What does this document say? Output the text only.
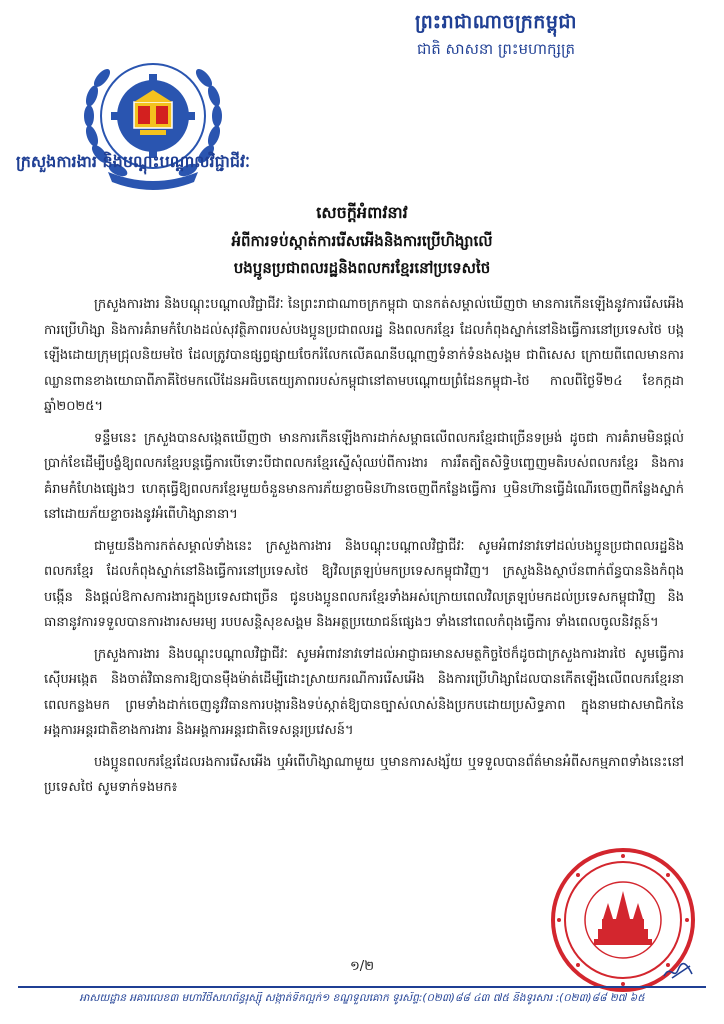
ព្រះរាជាណាចក្រកម្ពុជា
ជាតិ សាសនា ព្រះមហាក្សត្រ
ក្រសួងការងារ និងបណ្តុះបណ្តាលវិជ្ជាជីវៈ
សេចក្ដីអំពាវនាវ
អំពីការទប់ស្កាត់ការរើសអើងនិងការប្រើហិង្សាលើ
បងប្អូនប្រជាពលរដ្ឋនិងពលករខ្មែរនៅប្រទេសថៃ

ក្រសួងការងារ និងបណ្តុះបណ្តាលវិជ្ជាជីវៈ នៃព្រះរាជាណាចក្រកម្ពុជា បានកត់សម្គាល់ឃើញថា មានការកើនឡើងនូវការរើសអើង ការប្រើហិង្សា និងការគំរាមកំហែងដល់សុវត្ថិភាពរបស់បងប្អូនប្រជាពលរដ្ឋ និងពលករខ្មែរ ដែលកំពុងស្នាក់នៅនិងធ្វើការនៅប្រទេសថៃ បង្កឡើងដោយក្រុមជ្រុលនិយមថៃ ដែលត្រូវបានផ្សព្វផ្សាយចែករំលែកលើគណនីបណ្ដាញទំនាក់ទំនងសង្គម ជាពិសេស ក្រោយពីពេលមានការឈ្លានពានខាងយោធាពីភាគីថៃមកលើដែនអធិបតេយ្យភាពរបស់កម្ពុជានៅតាមបណ្ដោយព្រំដែនកម្ពុជា-ថៃ កាលពីថ្ងៃទី២៤ ខែកក្កដា ឆ្នាំ២០២៥។

ទន្ទឹមនេះ ក្រសួងបានសង្កេតឃើញថា មានការកើនឡើងការដាក់សម្ពាធលើពលករខ្មែរជាច្រើនទម្រង់ ដូចជា ការគំរាមមិនផ្តល់ប្រាក់ខែដើម្បីបង្ខំឱ្យពលករខ្មែរបន្តធ្វើការបើទោះបីជាពលករខ្មែរស្នើសុំឈប់ពីការងារ ការរឹតត្បិតសិទ្ធិបញ្ចេញមតិរបស់ពលករខ្មែរ និងការគំរាមកំហែងផ្សេងៗ ហេតុធ្វើឱ្យពលករខ្មែរមួយចំនួនមានការភ័យខ្លាចមិនហ៊ានចេញពីកន្លែងធ្វើការ ឬមិនហ៊ានធ្វើដំណើរចេញពីកន្លែងស្នាក់នៅដោយភ័យខ្លាចរងនូវអំពើហិង្សានានា។

ជាមួយនឹងការកត់សម្គាល់ទាំងនេះ ក្រសួងការងារ និងបណ្តុះបណ្តាលវិជ្ជាជីវៈ សូមអំពាវនាវទៅដល់បងប្អូនប្រជាពលរដ្ឋនិងពលករខ្មែរ ដែលកំពុងស្នាក់នៅនិងធ្វើការនៅប្រទេសថៃ ឱ្យវិលត្រឡប់មកប្រទេសកម្ពុជាវិញ។ ក្រសួងនិងស្ថាប័នពាក់ព័ន្ធបាននិងកំពុងបង្កើន និងផ្តល់ឱកាសការងារក្នុងប្រទេសជាច្រើន ជូនបងប្អូនពលករខ្មែរទាំងអស់ក្រោយពេលវិលត្រឡប់មកដល់ប្រទេសកម្ពុជាវិញ និងធានានូវការទទួលបានការងារសមរម្យ របបសន្តិសុខសង្គម និងអត្ថប្រយោជន៍ផ្សេងៗ ទាំងនៅពេលកំពុងធ្វើការ ទាំងពេលចូលនិវត្តន៍។

ក្រសួងការងារ និងបណ្តុះបណ្តាលវិជ្ជាជីវៈ សូមអំពាវនាវទៅដល់អាជ្ញាធរមានសមត្ថកិច្ចថៃក៏ដូចជាក្រសួងការងារថៃ សូមធ្វើការស៊ើបអង្កេត និងចាត់វិធានការឱ្យបានម៉ឺងម៉ាត់ដើម្បីដោះស្រាយករណីការរើសអើង និងការប្រើហិង្សាដែលបានកើតឡើងលើពលករខ្មែរនាពេលកន្លងមក ព្រមទាំងដាក់ចេញនូវវិធានការបង្ការនិងទប់ស្កាត់ឱ្យបានច្បាស់លាស់និងប្រកបដោយប្រសិទ្ធភាព ក្នុងនាមជាសមាជិកនៃអង្គការអន្តរជាតិខាងការងារ និងអង្គការអន្តរជាតិទេសន្តរប្រវេសន៍។

បងប្អូនពលករខ្មែរដែលរងការរើសអើង ឬអំពើហិង្សាណាមួយ ឬមានការសង្ស័យ ឬទទួលបានព័ត៌មានអំពីសកម្មភាពទាំងនេះនៅប្រទេសថៃ សូមទាក់ទងមក៖

១/២
អាសយដ្ឋាន អគារលេខ៣ មហាវិថីសហព័ន្ធរុស្ស៊ី សង្កាត់ទឹកល្អក់១ ខណ្ឌទួលគោក ទូរស័ព្ទ:(០២៣)៨៨ ៤៣ ៧៥ និងទូរសារ :(០២៣)៨៨ ២៧ ៦៥
